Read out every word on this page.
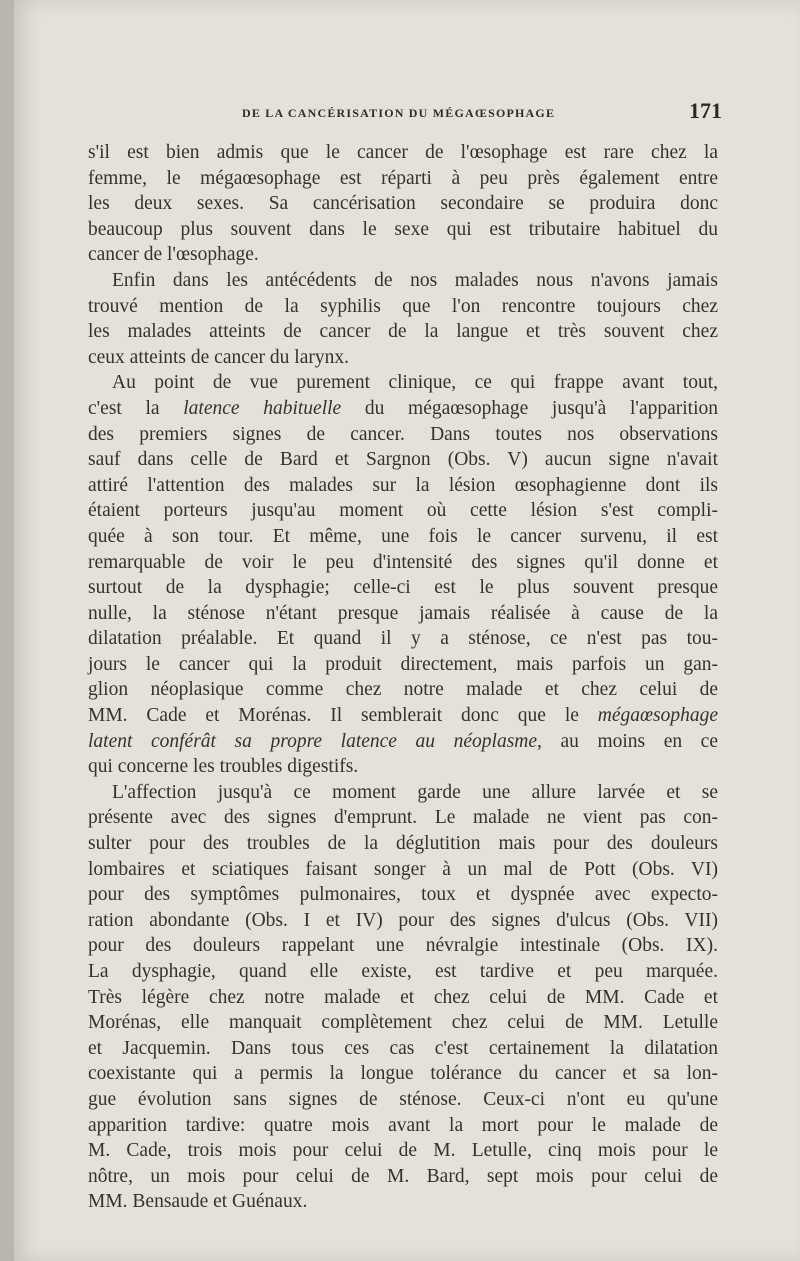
DE LA CANCÉRISATION DU MÉGAŒSOPHAGE	171
s'il est bien admis que le cancer de l'œsophage est rare chez la
femme, le mégaœsophage est réparti à peu près également entre
les deux sexes. Sa cancérisation secondaire se produira donc
beaucoup plus souvent dans le sexe qui est tributaire habituel du
cancer de l'œsophage.
Enfin dans les antécédents de nos malades nous n'avons jamais
trouvé mention de la syphilis que l'on rencontre toujours chez
les malades atteints de cancer de la langue et très souvent chez
ceux atteints de cancer du larynx.
Au point de vue purement clinique, ce qui frappe avant tout,
c'est la latence habituelle du mégaœsophage jusqu'à l'apparition
des premiers signes de cancer. Dans toutes nos observations
sauf dans celle de Bard et Sargnon (Obs. V) aucun signe n'avait
attiré l'attention des malades sur la lésion œsophagienne dont ils
étaient porteurs jusqu'au moment où cette lésion s'est compli-
quée à son tour. Et même, une fois le cancer survenu, il est
remarquable de voir le peu d'intensité des signes qu'il donne et
surtout de la dysphagie; celle-ci est le plus souvent presque
nulle, la sténose n'étant presque jamais réalisée à cause de la
dilatation préalable. Et quand il y a sténose, ce n'est pas tou-
jours le cancer qui la produit directement, mais parfois un gan-
glion néoplasique comme chez notre malade et chez celui de
MM. Cade et Morénas. Il semblerait donc que le mégaœsophage
latent conférât sa propre latence au néoplasme, au moins en ce
qui concerne les troubles digestifs.
L'affection jusqu'à ce moment garde une allure larvée et se
présente avec des signes d'emprunt. Le malade ne vient pas con-
sulter pour des troubles de la déglutition mais pour des douleurs
lombaires et sciatiques faisant songer à un mal de Pott (Obs. VI)
pour des symptômes pulmonaires, toux et dyspnée avec expecto-
ration abondante (Obs. I et IV) pour des signes d'ulcus (Obs. VII)
pour des douleurs rappelant une névralgie intestinale (Obs. IX).
La dysphagie, quand elle existe, est tardive et peu marquée.
Très légère chez notre malade et chez celui de MM. Cade et
Morénas, elle manquait complètement chez celui de MM. Letulle
et Jacquemin. Dans tous ces cas c'est certainement la dilatation
coexistante qui a permis la longue tolérance du cancer et sa lon-
gue évolution sans signes de sténose. Ceux-ci n'ont eu qu'une
apparition tardive: quatre mois avant la mort pour le malade de
M. Cade, trois mois pour celui de M. Letulle, cinq mois pour le
nôtre, un mois pour celui de M. Bard, sept mois pour celui de
MM. Bensaude et Guénaux.
